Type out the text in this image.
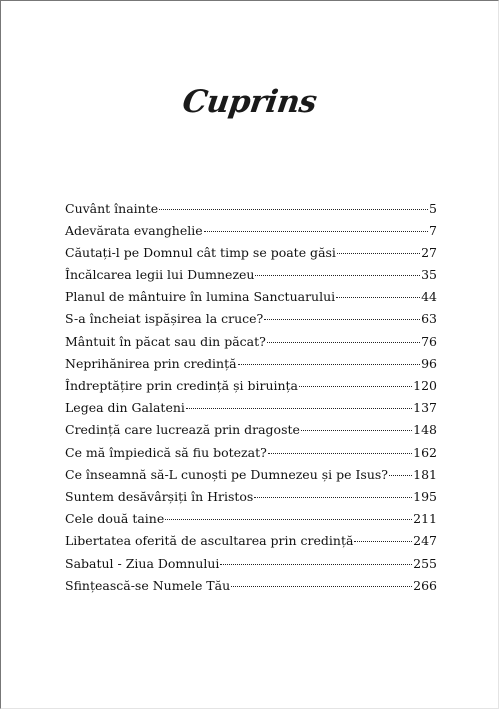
Cuprins
Cuvânt înainte	5
Adevărata evanghelie	7
Căutați-l pe Domnul cât timp se poate găsi	27
Încălcarea legii lui Dumnezeu	35
Planul de mântuire în lumina Sanctuarului	44
S-a încheiat ispășirea la cruce?	63
Mântuit în păcat sau din păcat?	76
Neprihănirea prin credință	96
Îndreptățire prin credință și biruința	120
Legea din Galateni	137
Credință care lucrează prin dragoste	148
Ce mă împiedică să fiu botezat?	162
Ce înseamnă să-L cunoști pe Dumnezeu și pe Isus? 181
Suntem desăvârșiți în Hristos	195
Cele două taine	211
Libertatea oferită de ascultarea prin credință	247
Sabatul - Ziua Domnului	255
Sfințească-se Numele Tău	266
